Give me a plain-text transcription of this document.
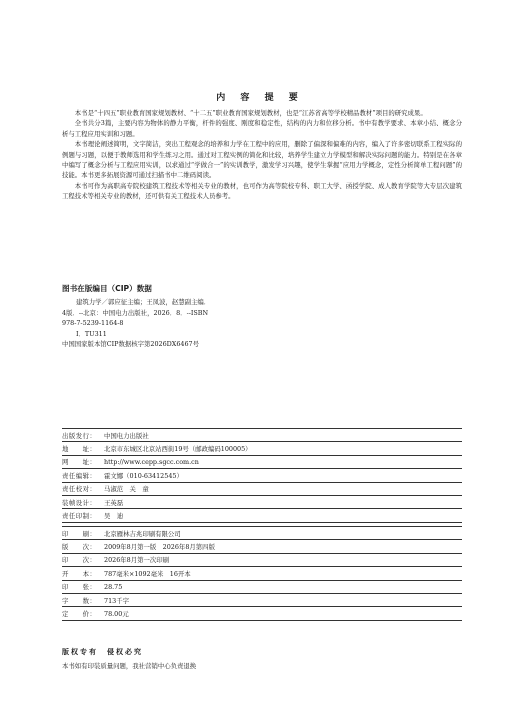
内 容 提 要

本书是“十四五”职业教育国家规划教材、“十二五”职业教育国家规划教材，也是“江苏省高等学校精品教材”项目的研究成果。

全书共分3篇，主要内容为物体的静力平衡，杆件的强度、刚度和稳定性，结构的内力和位移分析。书中有教学要求、本章小结、概念分析与工程应用实训和习题。

本书理论阐述简明，文字简洁，突出工程观念的培养和力学在工程中的应用，删除了偏深和偏难的内容，编入了许多密切联系工程实际的例题与习题，以便于教师选用和学生练习之用。通过对工程实例的简化和比较，培养学生建立力学模型和解决实际问题的能力。特别是在各章中编写了概念分析与工程应用实训，以求通过“学做合一”的实训教学，激发学习兴趣，使学生掌握“应用力学概念，定性分析简单工程问题”的技能。本书更多拓展资源可通过扫描书中二维码阅读。

本书可作为高职高专院校建筑工程技术等相关专业的教材，也可作为高等院校专科、职工大学、函授学院、成人教育学院等大专层次建筑工程技术等相关专业的教材，还可供有关工程技术人员参考。

图书在版编目（CIP）数据
建筑力学／郭应征主编；王凤波，赵慧副主编．
4版．--北京：中国电力出版社，2026．8．--ISBN
978-7-5239-1164-8
Ⅰ．TU311
中国国家版本馆CIP数据核字第2026DX6467号
出版发行：	中国电力出版社
地　　址：	北京市东城区北京站西街19号（邮政编码100005）
网　　址：	http://www.cepp.sgcc.com.cn
责任编辑：	霍文娜（010-63412545）
责任校对：	马淑范　关　童
装帧设计：	王英磊
责任印制：	吴　迪
印　　刷：	北京雁林吉兆印刷有限公司
版　　次：	2009年8月第一版　2026年8月第四版
印　　次：	2026年8月第一次印刷
开　　本：	787毫米×1092毫米　16开本
印　　张：	28.75
字　　数：	713千字
定　　价：	78.00元
版权专有　侵权必究
本书如有印装质量问题，我社营销中心负责退换
